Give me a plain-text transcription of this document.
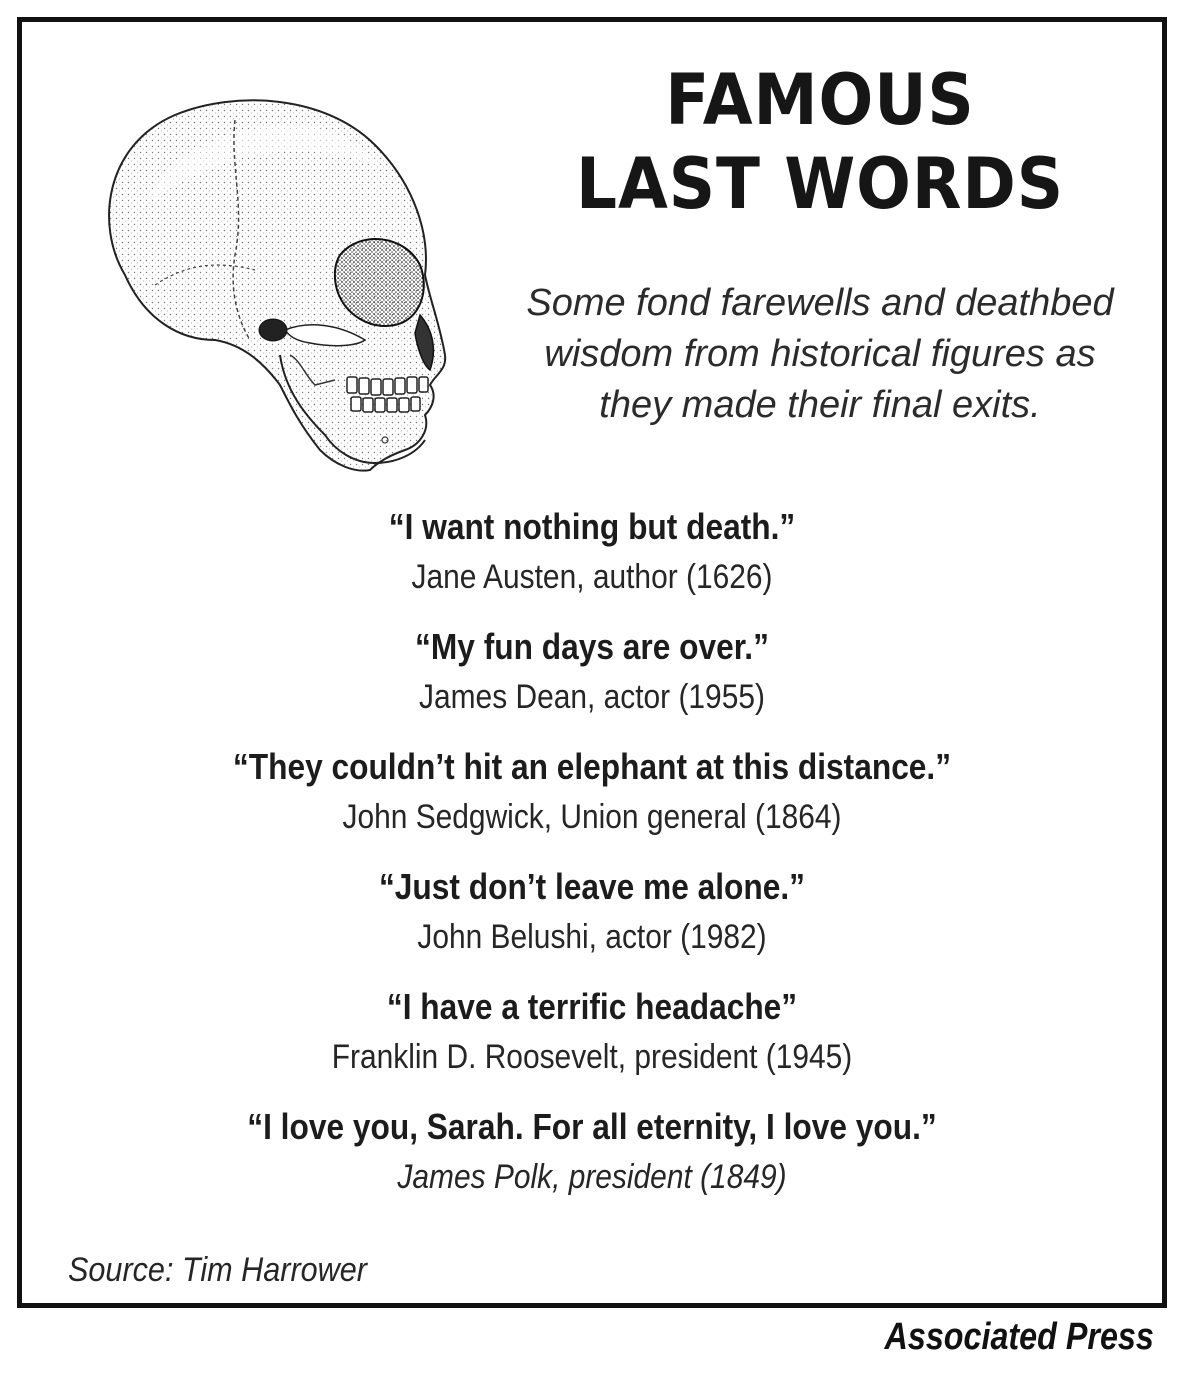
FAMOUS LAST WORDS
Some fond farewells and deathbed wisdom from historical figures as they made their final exits.
“I want nothing but death.”
Jane Austen, author (1626)
“My fun days are over.”
James Dean, actor (1955)
“They couldn’t hit an elephant at this distance.”
John Sedgwick, Union general (1864)
“Just don’t leave me alone.”
John Belushi, actor (1982)
“I have a terrific headache”
Franklin D. Roosevelt, president (1945)
“I love you, Sarah. For all eternity, I love you.”
James Polk, president (1849)
Source: Tim Harrower
Associated Press
